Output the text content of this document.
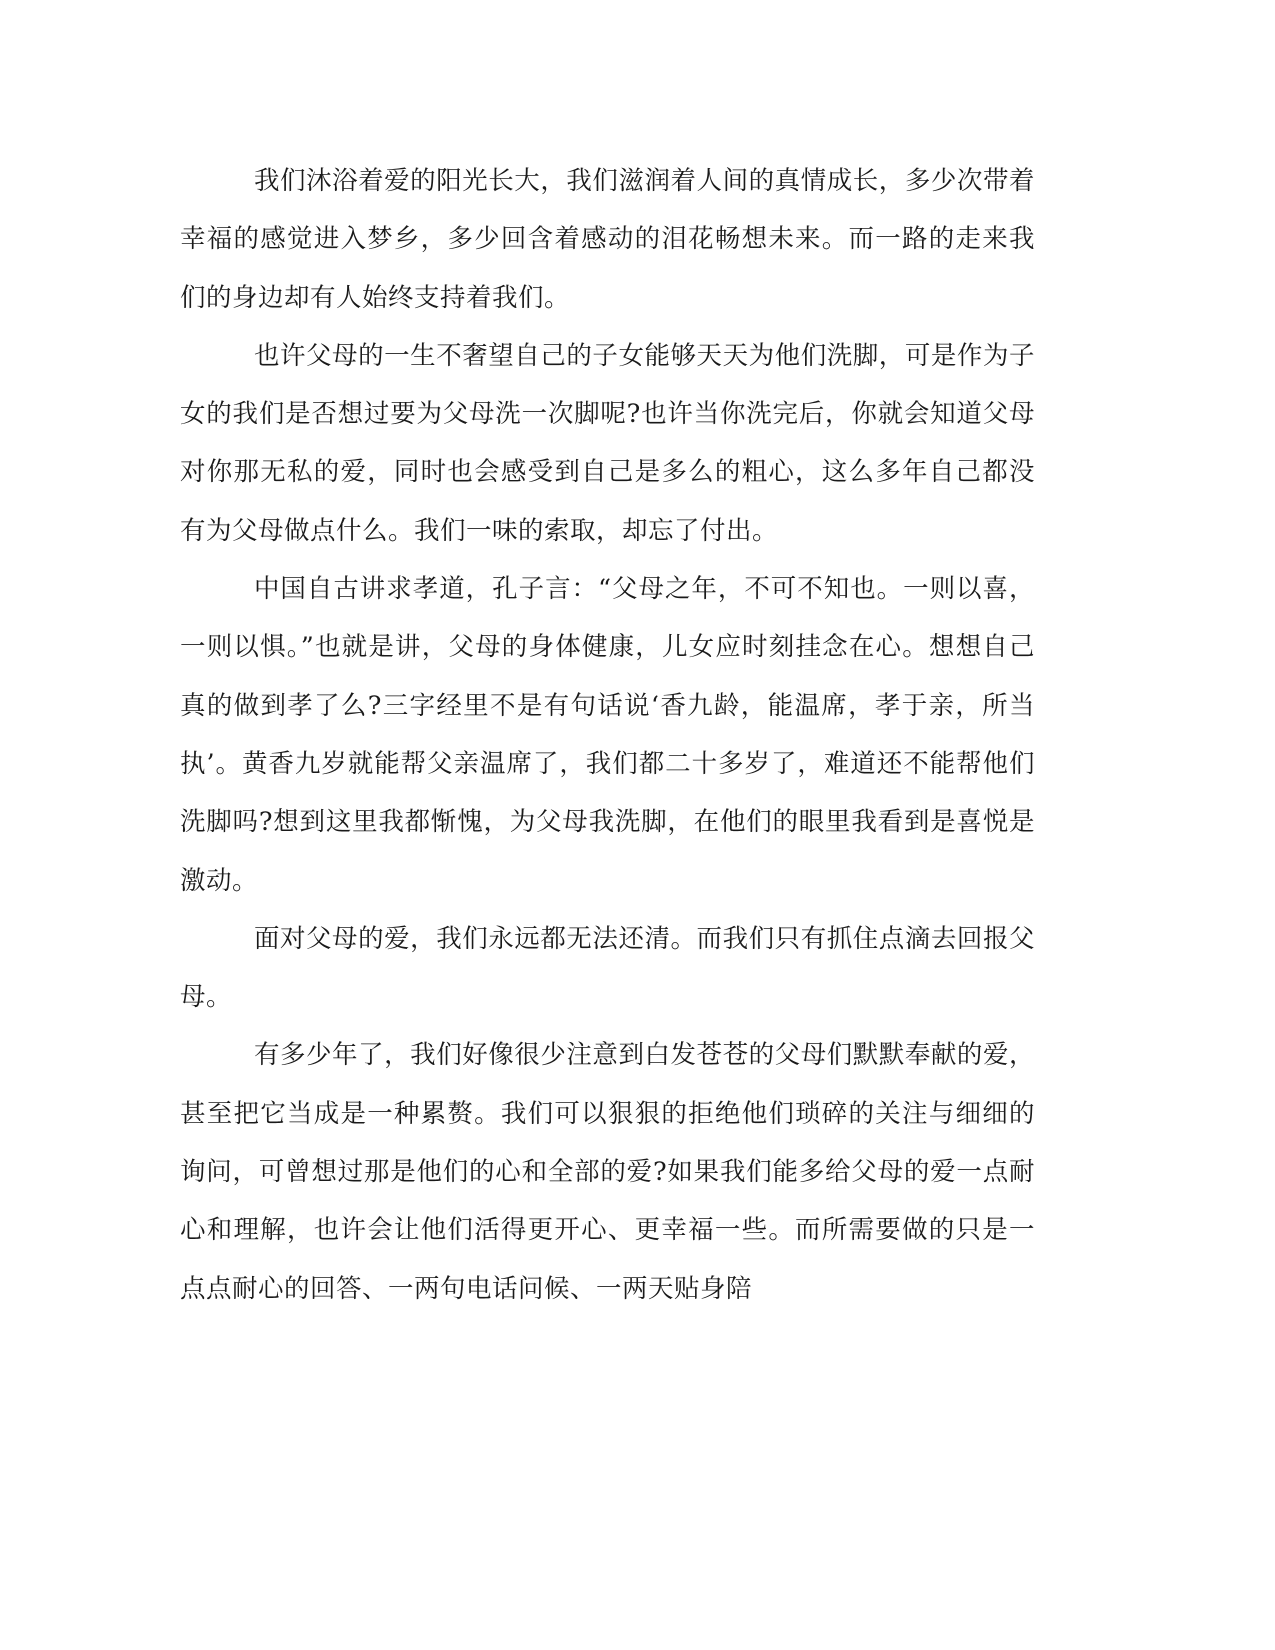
我们沐浴着爱的阳光长大，我们滋润着人间的真情成长，多少次带着幸福的感觉进入梦乡，多少回含着感动的泪花畅想未来。而一路的走来我们的身边却有人始终支持着我们。

也许父母的一生不奢望自己的子女能够天天为他们洗脚，可是作为子女的我们是否想过要为父母洗一次脚呢?也许当你洗完后，你就会知道父母对你那无私的爱，同时也会感受到自己是多么的粗心，这么多年自己都没有为父母做点什么。我们一味的索取，却忘了付出。

中国自古讲求孝道，孔子言：“父母之年，不可不知也。一则以喜，一则以惧。”也就是讲，父母的身体健康，儿女应时刻挂念在心。想想自己真的做到孝了么?三字经里不是有句话说‘香九龄，能温席，孝于亲，所当执’。黄香九岁就能帮父亲温席了，我们都二十多岁了，难道还不能帮他们洗脚吗?想到这里我都惭愧，为父母我洗脚，在他们的眼里我看到是喜悦是激动。

面对父母的爱，我们永远都无法还清。而我们只有抓住点滴去回报父母。

有多少年了，我们好像很少注意到白发苍苍的父母们默默奉献的爱，甚至把它当成是一种累赘。我们可以狠狠的拒绝他们琐碎的关注与细细的询问，可曾想过那是他们的心和全部的爱?如果我们能多给父母的爱一点耐心和理解，也许会让他们活得更开心、更幸福一些。而所需要做的只是一点点耐心的回答、一两句电话问候、一两天贴身陪
